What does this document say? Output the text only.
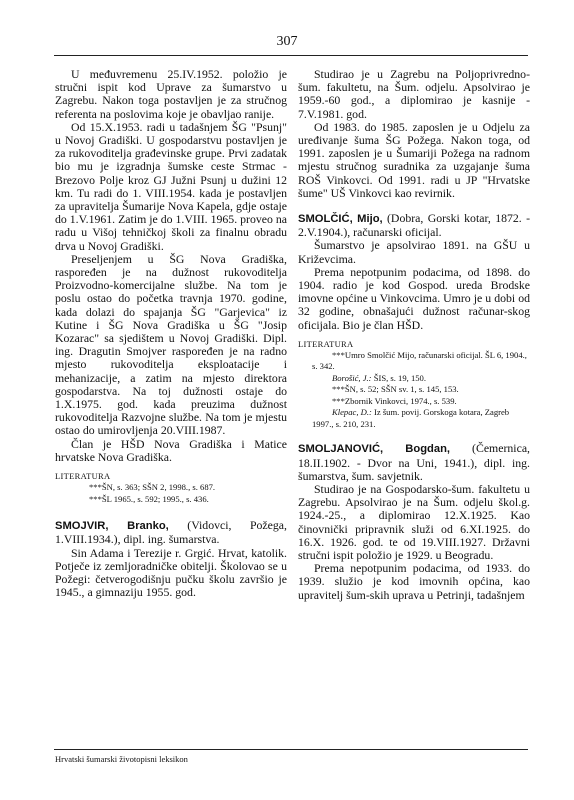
307

U međuvremenu 25.IV.1952. položio je stručni ispit kod Uprave za šumarstvo u Zagrebu. Nakon toga postavljen je za stručnog referenta na poslovima koje je obavljao ranije.

Od 15.X.1953. radi u tadašnjem ŠG "Psunj" u Novoj Gradiški. U gospodarstvu postavljen je za rukovoditelja građevinske grupe. Prvi zadatak bio mu je izgradnja šumske ceste Strmac - Brezovo Polje kroz GJ Južni Psunj u dužini 12 km. Tu radi do 1. VIII.1954. kada je postavljen za upravitelja Šumarije Nova Kapela, gdje ostaje do 1.V.1961. Zatim je do 1.VIII. 1965. proveo na radu u Višoj tehničkoj školi za finalnu obradu drva u Novoj Gradiški.

Preseljenjem u ŠG Nova Gradiška, raspoređen je na dužnost rukovoditelja Proizvodno-komercijalne službe. Na tom je poslu ostao do početka travnja 1970. godine, kada dolazi do spajanja ŠG "Garjevica" iz Kutine i ŠG Nova Gradiška u ŠG "Josip Kozarac" sa sjedištem u Novoj Gradiški. Dipl. ing. Dragutin Smojver raspoređen je na radno mjesto rukovoditelja eksploatacije i mehanizacije, a zatim na mjesto direktora gospodarstva. Na toj dužnosti ostaje do 1.X.1975. god. kada preuzima dužnost rukovoditelja Razvojne službe. Na tom je mjestu ostao do umirovljenja 20.VIII.1987.

Član je HŠD Nova Gradiška i Matice hrvatske Nova Gradiška.

LITERATURA

***ŠN, s. 363; SŠN 2, 1998., s. 687.

***ŠL 1965., s. 592; 1995., s. 436.

SMOJVIR, Branko, (Vidovci, Požega, 1.VIII.1934.), dipl. ing. šumarstva.

Sin Adama i Terezije r. Grgić. Hrvat, katolik. Potječe iz zemljoradničke obitelji. Školovao se u Požegi: četverogodišnju pučku školu završio je 1945., a gimnaziju 1955. god.

Studirao je u Zagrebu na Poljoprivredno-šum. fakultetu, na Šum. odjelu. Apsolvirao je 1959.-60 god., a diplomirao je kasnije - 7.V.1981. god.

Od 1983. do 1985. zaposlen je u Odjelu za uređivanje šuma ŠG Požega. Nakon toga, od 1991. zaposlen je u Šumariji Požega na radnom mjestu stručnog suradnika za uzgajanje šuma ROŠ Vinkovci. Od 1991. radi u JP "Hrvatske šume" UŠ Vinkovci kao revirnik.

SMOLČIĆ, Mijo, (Dobra, Gorski kotar, 1872. - 2.V.1904.), računarski oficijal.

Šumarstvo je apsolvirao 1891. na GŠU u Križevcima.

Prema nepotpunim podacima, od 1898. do 1904. radio je kod Gospod. ureda Brodske imovne općine u Vinkovcima. Umro je u dobi od 32 godine, obnašajući dužnost računar-skog oficijala. Bio je član HŠD.

LITERATURA

***Umro Smolčić Mijo, računarski oficijal. ŠL 6, 1904., s. 342.

Borošić, J.: ŠIS, s. 19, 150.

***ŠN, s. 52; SŠN sv. 1, s. 145, 153.

***Zbornik Vinkovci, 1974., s. 539.

Klepac, D.: Iz šum. povij. Gorskoga kotara, Zagreb 1997., s. 210, 231.

SMOLJANOVIĆ, Bogdan, (Čemernica, 18.II.1902. - Dvor na Uni, 1941.), dipl. ing. šumarstva, šum. savjetnik.

Studirao je na Gospodarsko-šum. fakultetu u Zagrebu. Apsolvirao je na Šum. odjelu škol.g. 1924.-25., a diplomirao 12.X.1925. Kao činovnički pripravnik služi od 6.XI.1925. do 16.X. 1926. god. te od 19.VIII.1927. Državni stručni ispit položio je 1929. u Beogradu.

Prema nepotpunim podacima, od 1933. do 1939. služio je kod imovnih općina, kao upravitelj šum-skih uprava u Petrinji, tadašnjem

Hrvatski šumarski životopisni leksikon
